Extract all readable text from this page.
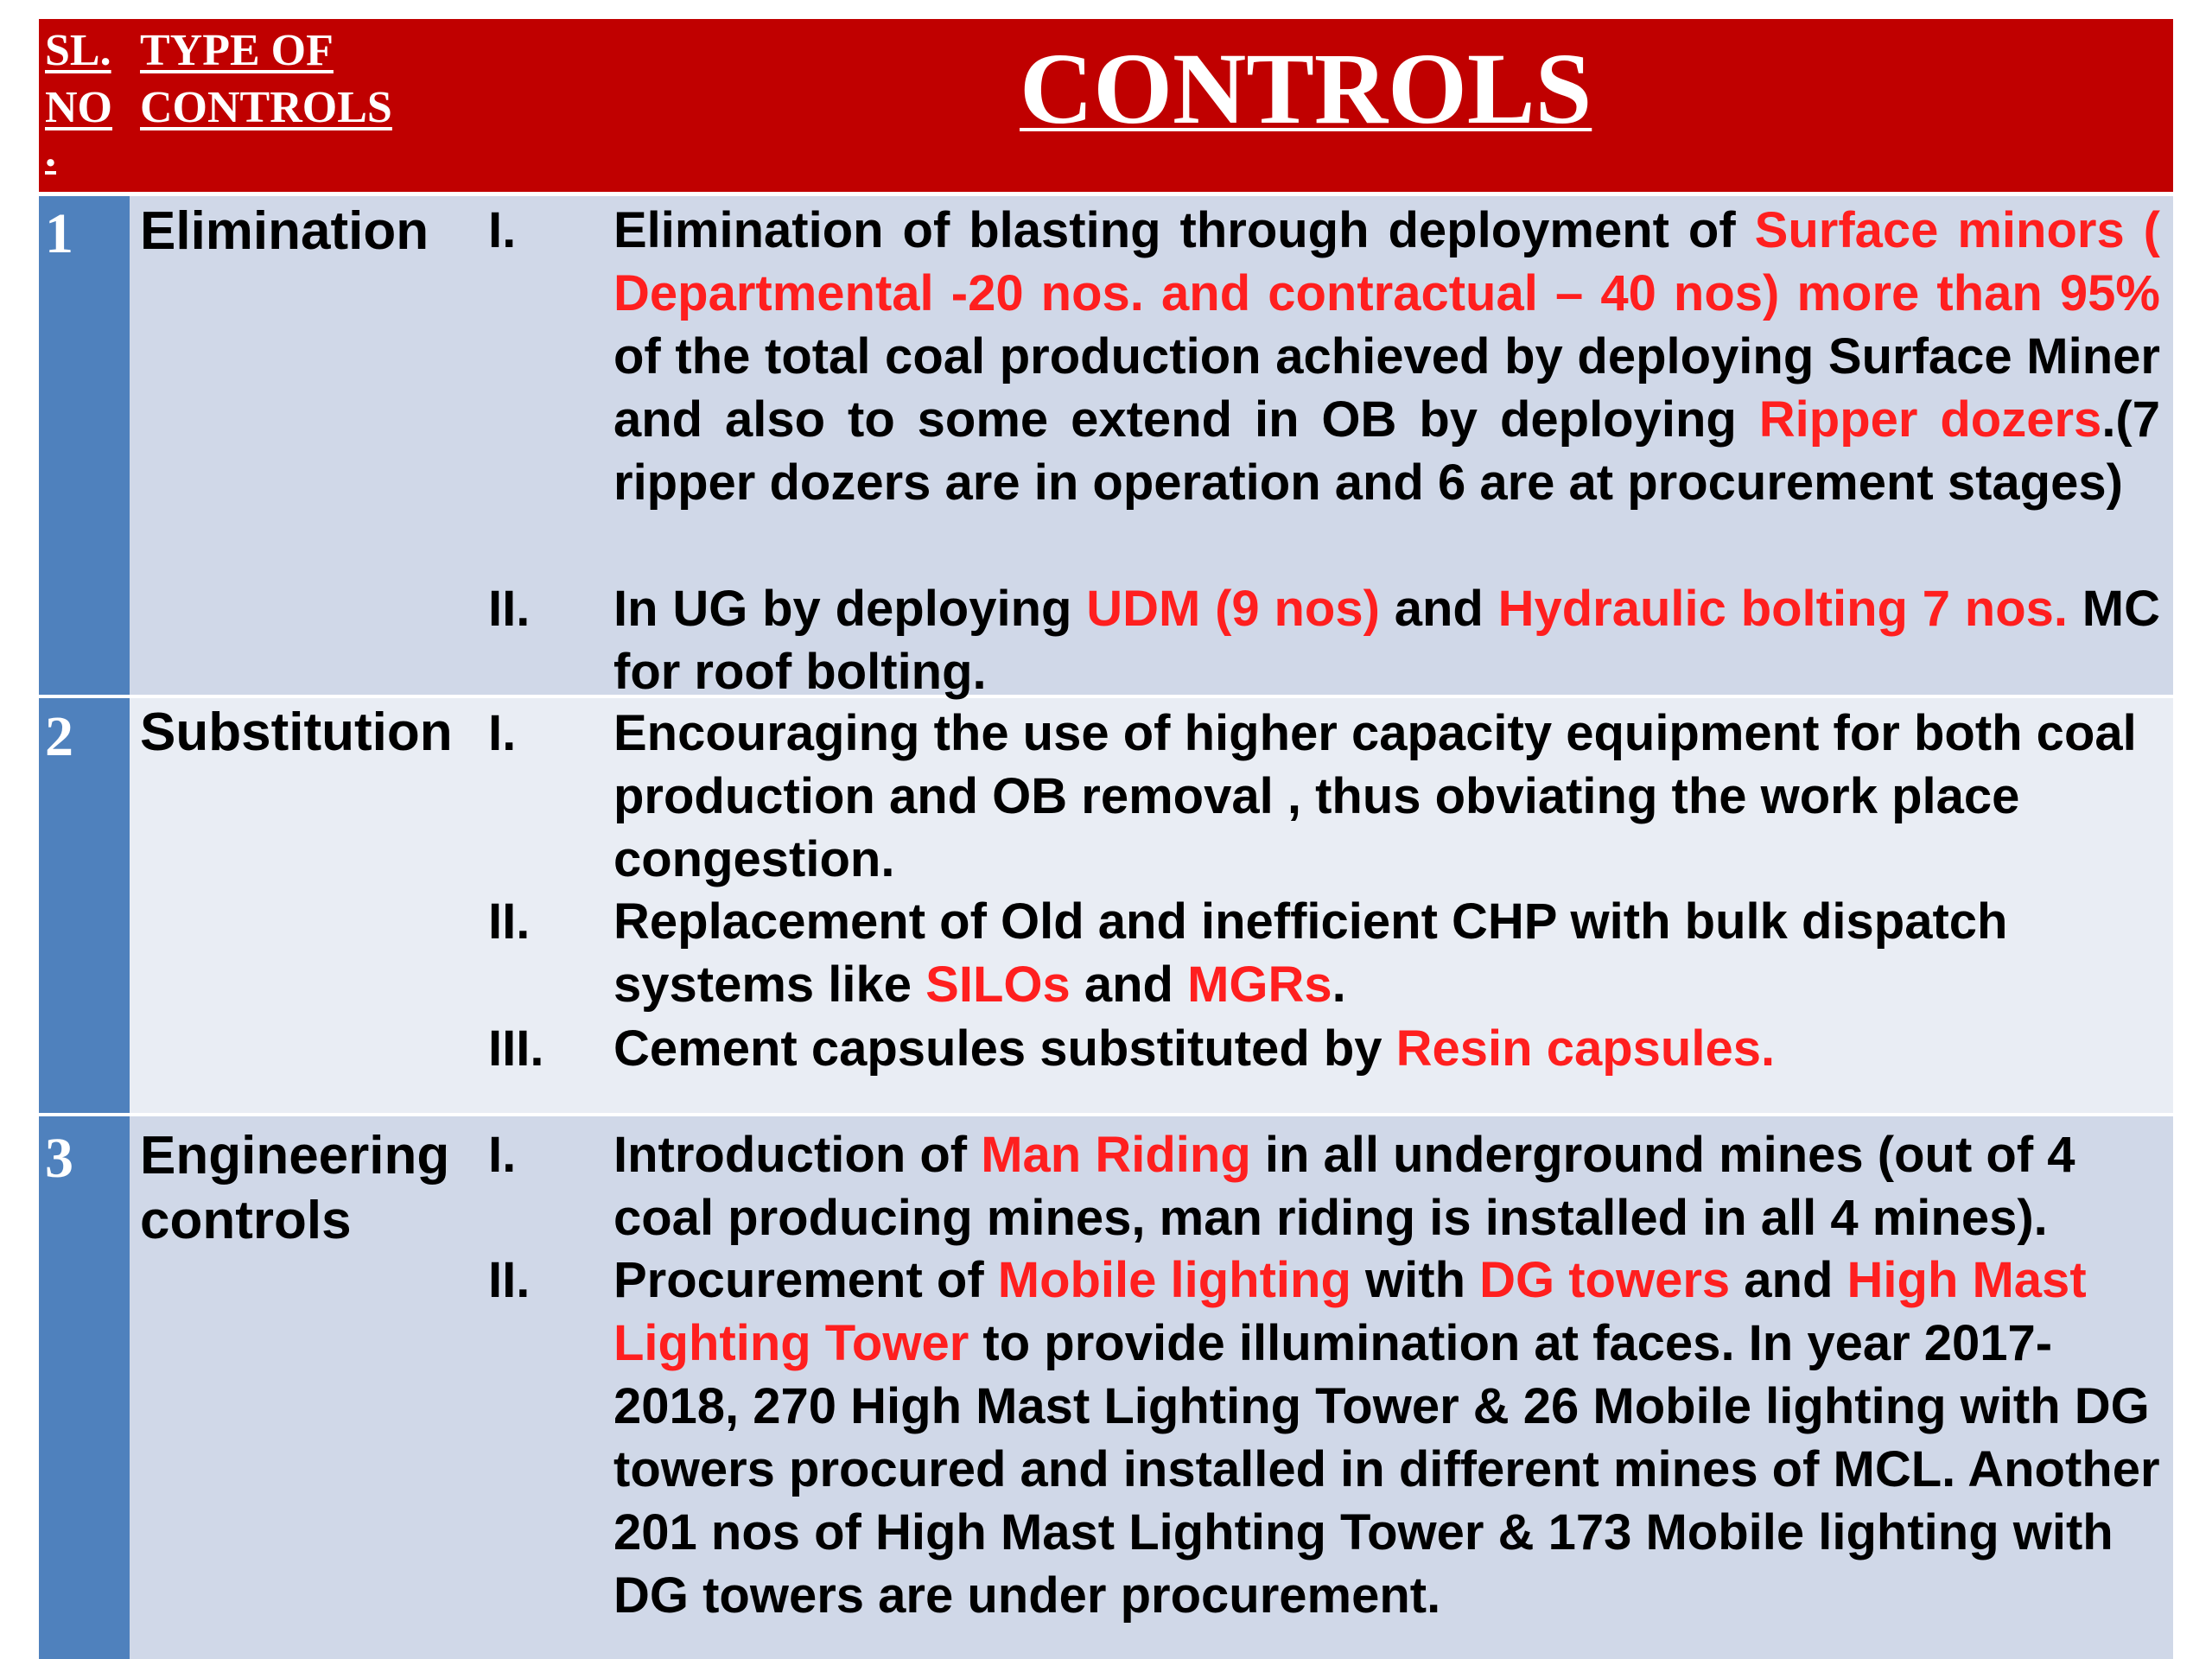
SL.
NO
.
TYPE OF
CONTROLS	CONTROLS
1 Elimination
2 Substitution
3 Engineering controls
I. Elimination of blasting through deployment of Surface minors ( Departmental -20 nos. and contractual – 40 nos) more than 95% of the total coal production achieved by deploying Surface Miner and also to some extend in OB by deploying Ripper dozers.(7 ripper dozers are in operation and 6 are at procurement stages)
II. In UG by deploying UDM (9 nos) and Hydraulic bolting 7 nos. MC for roof bolting.
I. Encouraging the use of higher capacity equipment for both coal production and OB removal , thus obviating the work place congestion.
II. Replacement of Old and inefficient CHP with bulk dispatch systems like SILOs and MGRs.
III. Cement capsules substituted by Resin capsules.
I. Introduction of Man Riding in all underground mines (out of 4 coal producing mines, man riding is installed in all 4 mines).
II. Procurement of Mobile lighting with DG towers and High Mast Lighting Tower to provide illumination at faces. In year 2017-2018, 270 High Mast Lighting Tower & 26 Mobile lighting with DG towers procured and installed in different mines of MCL. Another 201 nos of High Mast Lighting Tower & 173 Mobile lighting with DG towers are under procurement.
